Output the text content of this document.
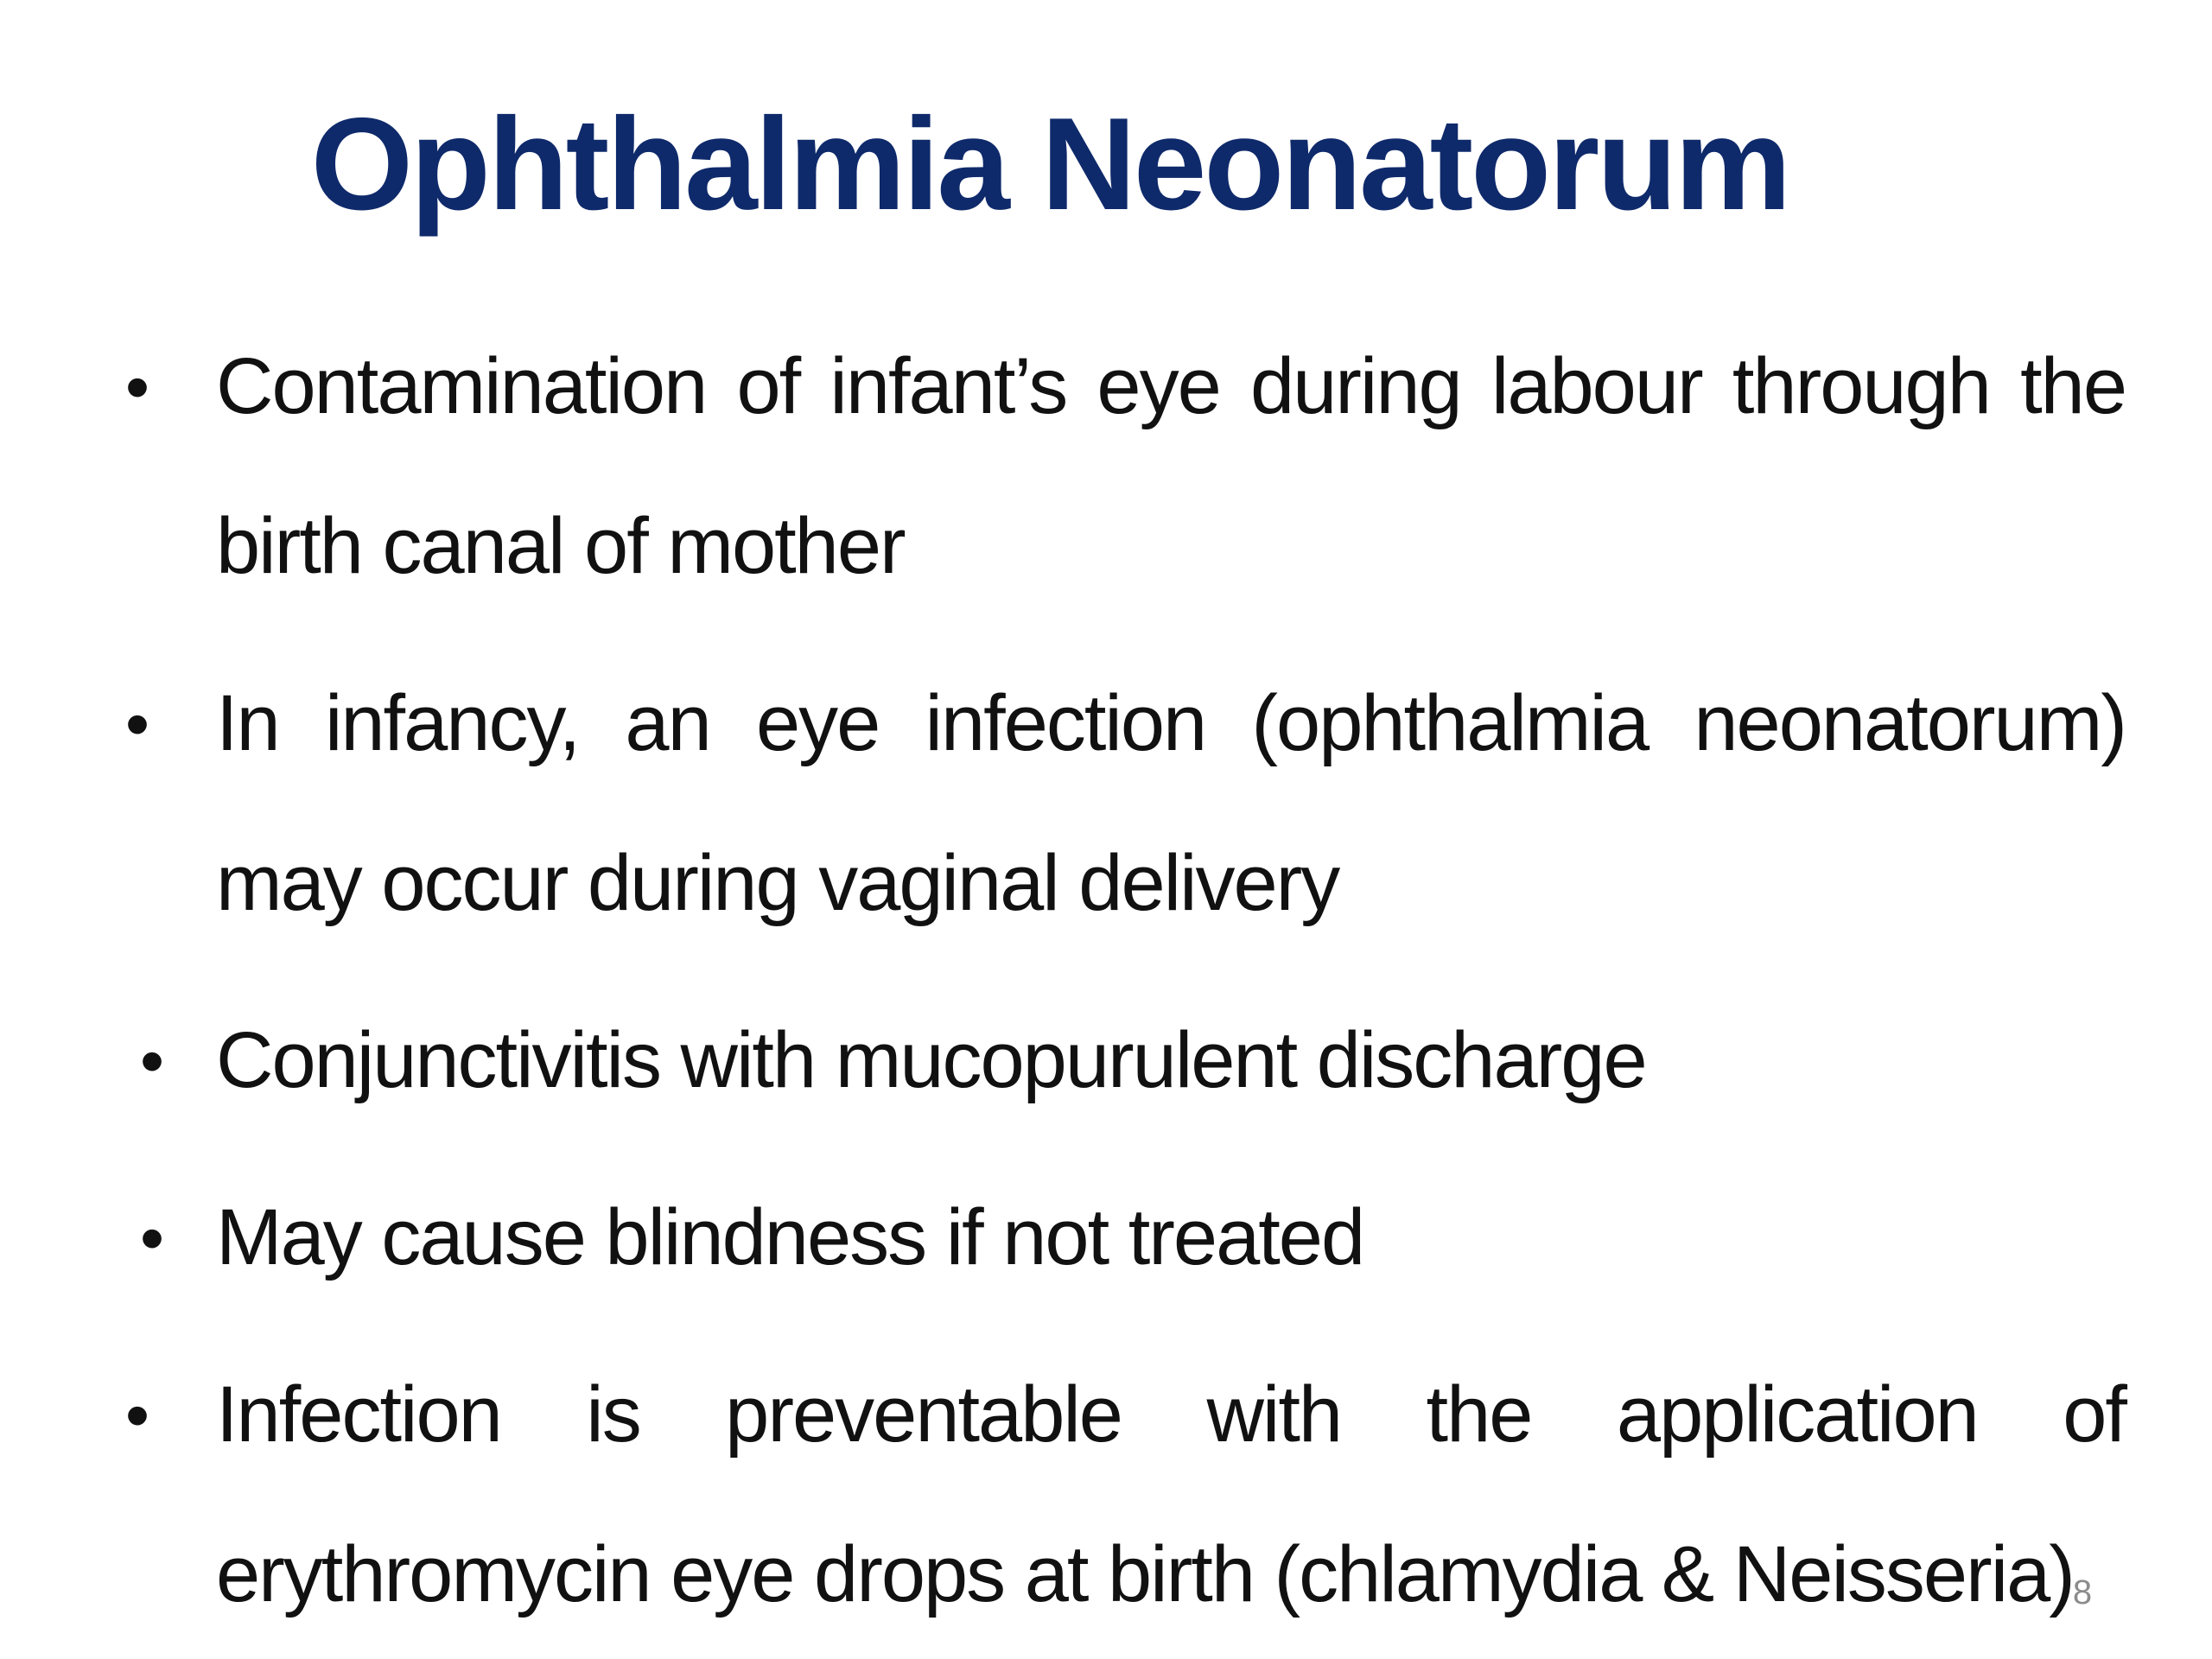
Ophthalmia Neonatorum
• Contamination of infant’s eye during labour through the birth canal of mother
• In infancy, an eye infection (ophthalmia neonatorum) may occur during vaginal delivery
• Conjunctivitis with mucopurulent discharge
• May cause blindness if not treated
• Infection is preventable with the application of erythromycin eye drops at birth (chlamydia & Neisseria)
8
